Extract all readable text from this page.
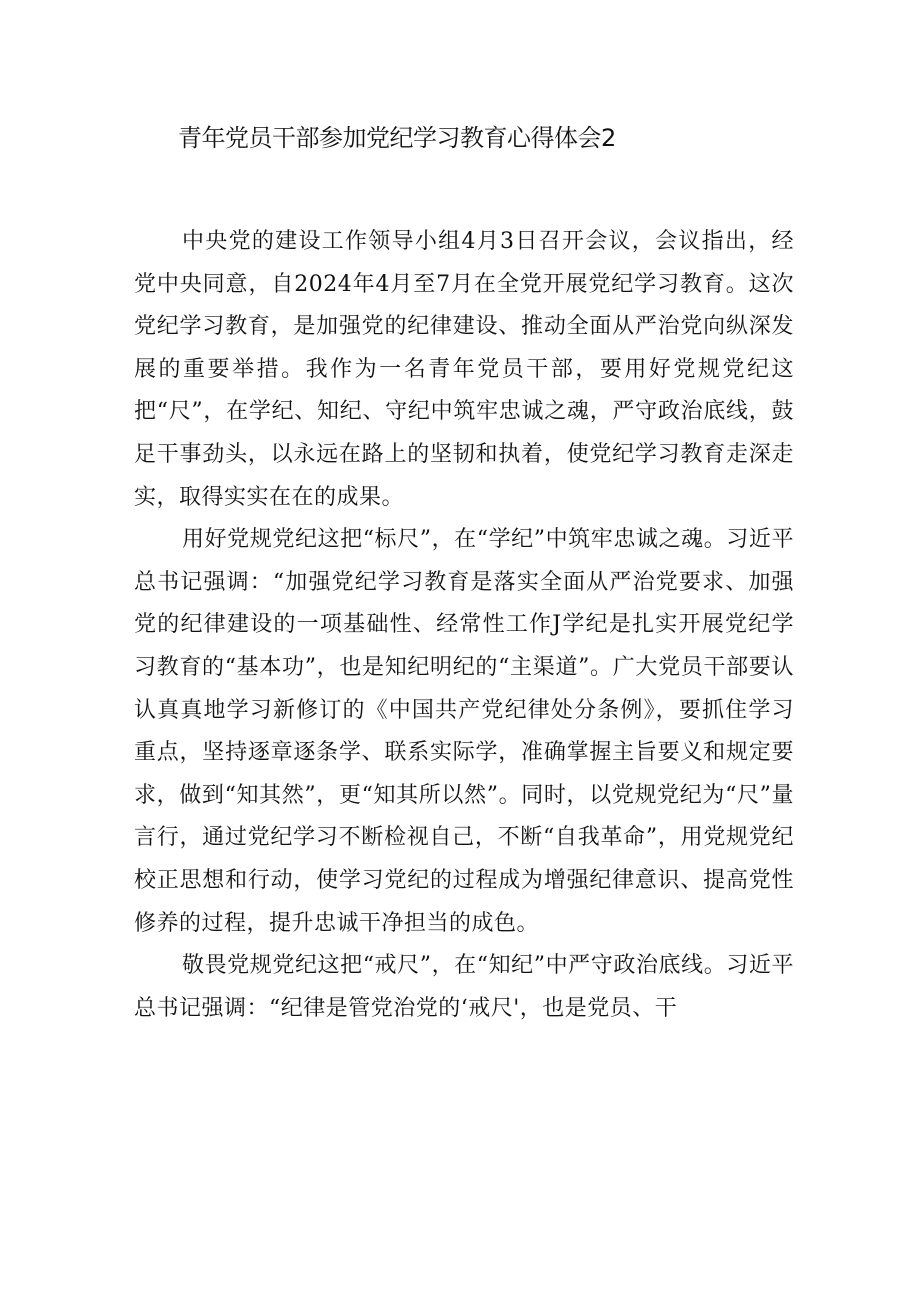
青年党员干部参加党纪学习教育心得体会2

中央党的建设工作领导小组4月3日召开会议，会议指出，经党中央同意，自2024年4月至7月在全党开展党纪学习教育。这次党纪学习教育，是加强党的纪律建设、推动全面从严治党向纵深发展的重要举措。我作为一名青年党员干部，要用好党规党纪这把“尺”，在学纪、知纪、守纪中筑牢忠诚之魂，严守政治底线，鼓足干事劲头，以永远在路上的坚韧和执着，使党纪学习教育走深走实，取得实实在在的成果。

用好党规党纪这把“标尺”，在“学纪”中筑牢忠诚之魂。习近平总书记强调：“加强党纪学习教育是落实全面从严治党要求、加强党的纪律建设的一项基础性、经常性工作J学纪是扎实开展党纪学习教育的“基本功”，也是知纪明纪的“主渠道”。广大党员干部要认认真真地学习新修订的《中国共产党纪律处分条例》，要抓住学习重点，坚持逐章逐条学、联系实际学，准确掌握主旨要义和规定要求，做到“知其然”，更“知其所以然”。同时，以党规党纪为“尺”量言行，通过党纪学习不断检视自己，不断“自我革命”，用党规党纪校正思想和行动，使学习党纪的过程成为增强纪律意识、提高党性修养的过程，提升忠诚干净担当的成色。

敬畏党规党纪这把“戒尺”，在“知纪”中严守政治底线。习近平总书记强调：“纪律是管党治党的‘戒尺'，也是党员、干
